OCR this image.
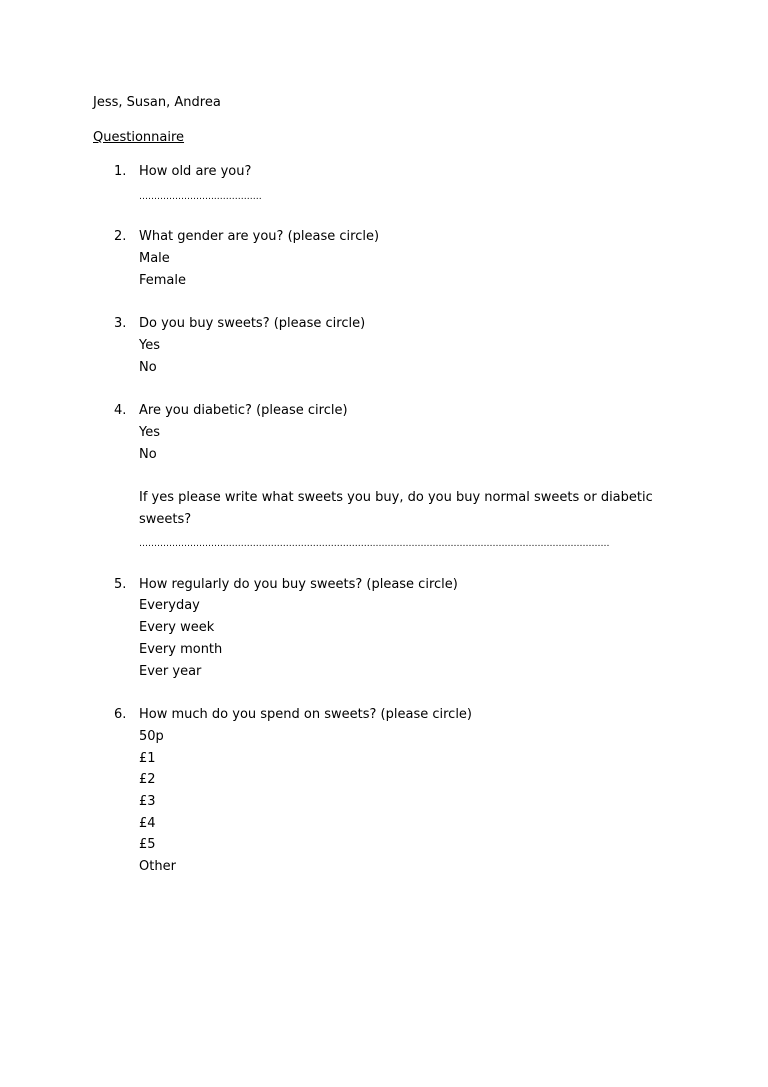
Jess, Susan, Andrea
Questionnaire
1. How old are you?
……………………..……………
2. What gender are you? (please circle)
Male
Female
3. Do you buy sweets? (please circle)
Yes
No
4. Are you diabetic? (please circle)
Yes
No
If yes please write what sweets you buy, do you buy normal sweets or diabetic
sweets?
………………………..…………………………………………..……………………………………………………………………
5. How regularly do you buy sweets? (please circle)
Everyday
Every week
Every month
Ever year
6. How much do you spend on sweets? (please circle)
50p
£1
£2
£3
£4
£5
Other
